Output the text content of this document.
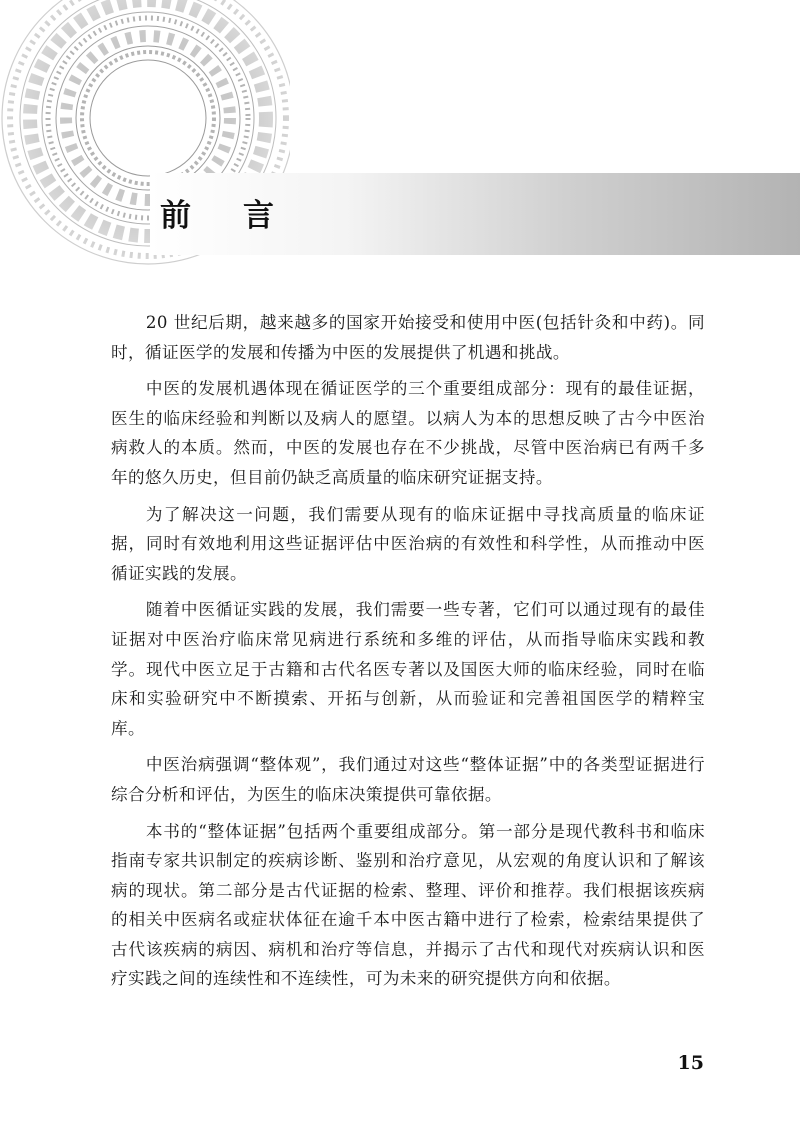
前 言

20 世纪后期，越来越多的国家开始接受和使用中医(包括针灸和中药)。同时，循证医学的发展和传播为中医的发展提供了机遇和挑战。

中医的发展机遇体现在循证医学的三个重要组成部分：现有的最佳证据，医生的临床经验和判断以及病人的愿望。以病人为本的思想反映了古今中医治病救人的本质。然而，中医的发展也存在不少挑战，尽管中医治病已有两千多年的悠久历史，但目前仍缺乏高质量的临床研究证据支持。

为了解决这一问题，我们需要从现有的临床证据中寻找高质量的临床证据，同时有效地利用这些证据评估中医治病的有效性和科学性，从而推动中医循证实践的发展。

随着中医循证实践的发展，我们需要一些专著，它们可以通过现有的最佳证据对中医治疗临床常见病进行系统和多维的评估，从而指导临床实践和教学。现代中医立足于古籍和古代名医专著以及国医大师的临床经验，同时在临床和实验研究中不断摸索、开拓与创新，从而验证和完善祖国医学的精粹宝库。

中医治病强调“整体观”，我们通过对这些“整体证据”中的各类型证据进行综合分析和评估，为医生的临床决策提供可靠依据。

本书的“整体证据”包括两个重要组成部分。第一部分是现代教科书和临床指南专家共识制定的疾病诊断、鉴别和治疗意见，从宏观的角度认识和了解该病的现状。第二部分是古代证据的检索、整理、评价和推荐。我们根据该疾病的相关中医病名或症状体征在逾千本中医古籍中进行了检索，检索结果提供了古代该疾病的病因、病机和治疗等信息，并揭示了古代和现代对疾病认识和医疗实践之间的连续性和不连续性，可为未来的研究提供方向和依据。

15
